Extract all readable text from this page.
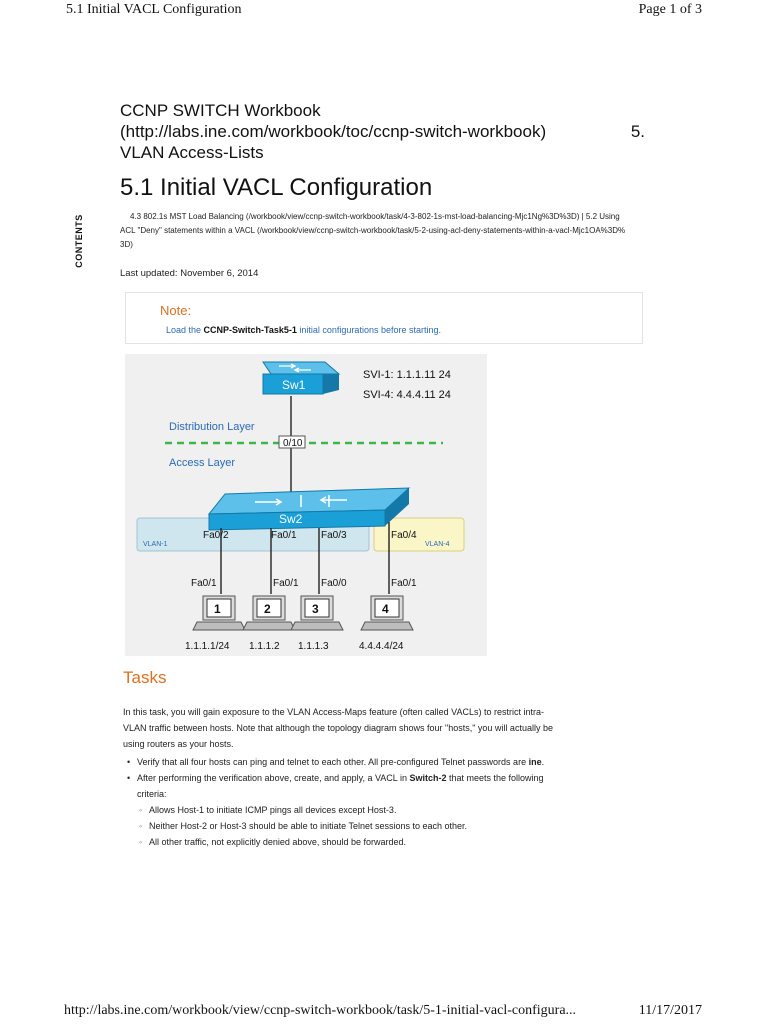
5.1 Initial VACL Configuration	Page 1 of 3
CONTENTS
CCNP SWITCH Workbook
(http://labs.ine.com/workbook/toc/ccnp-switch-workbook)	5.
VLAN Access-Lists
5.1 Initial VACL Configuration
4.3 802.1s MST Load Balancing (/workbook/view/ccnp-switch-workbook/task/4-3-802-1s-mst-load-balancing-Mjc1Ng%3D%3D) | 5.2 Using
ACL "Deny" statements within a VACL (/workbook/view/ccnp-switch-workbook/task/5-2-using-acl-deny-statements-within-a-vacl-Mjc1OA%3D%
3D)
Last updated: November 6, 2014
Note:
Load the CCNP-Switch-Task5-1 initial configurations before starting.
VLAN-1	VLAN-4
0/10
Distribution Layer
Access Layer
Sw1
SVI-1: 1.1.1.11 24
SVI-4: 4.4.4.11 24
Sw2
Fa0/2	Fa0/1 Fa0/3	Fa0/4
Fa0/1	Fa0/1 Fa0/0	Fa0/1
1	2	3	4
1.1.1.1/24 1.1.1.2 1.1.1.3	4.4.4.4/24
Tasks
In this task, you will gain exposure to the VLAN Access-Maps feature (often called VACLs) to restrict intra-
VLAN traffic between hosts. Note that although the topology diagram shows four "hosts," you will actually be
using routers as your hosts.
• Verify that all four hosts can ping and telnet to each other. All pre-configured Telnet passwords are ine.
• After performing the verification above, create, and apply, a VACL in Switch-2 that meets the following
criteria:
◦ Allows Host-1 to initiate ICMP pings all devices except Host-3.
◦ Neither Host-2 or Host-3 should be able to initiate Telnet sessions to each other.
◦ All other traffic, not explicitly denied above, should be forwarded.
http://labs.ine.com/workbook/view/ccnp-switch-workbook/task/5-1-initial-vacl-configura...	11/17/2017
